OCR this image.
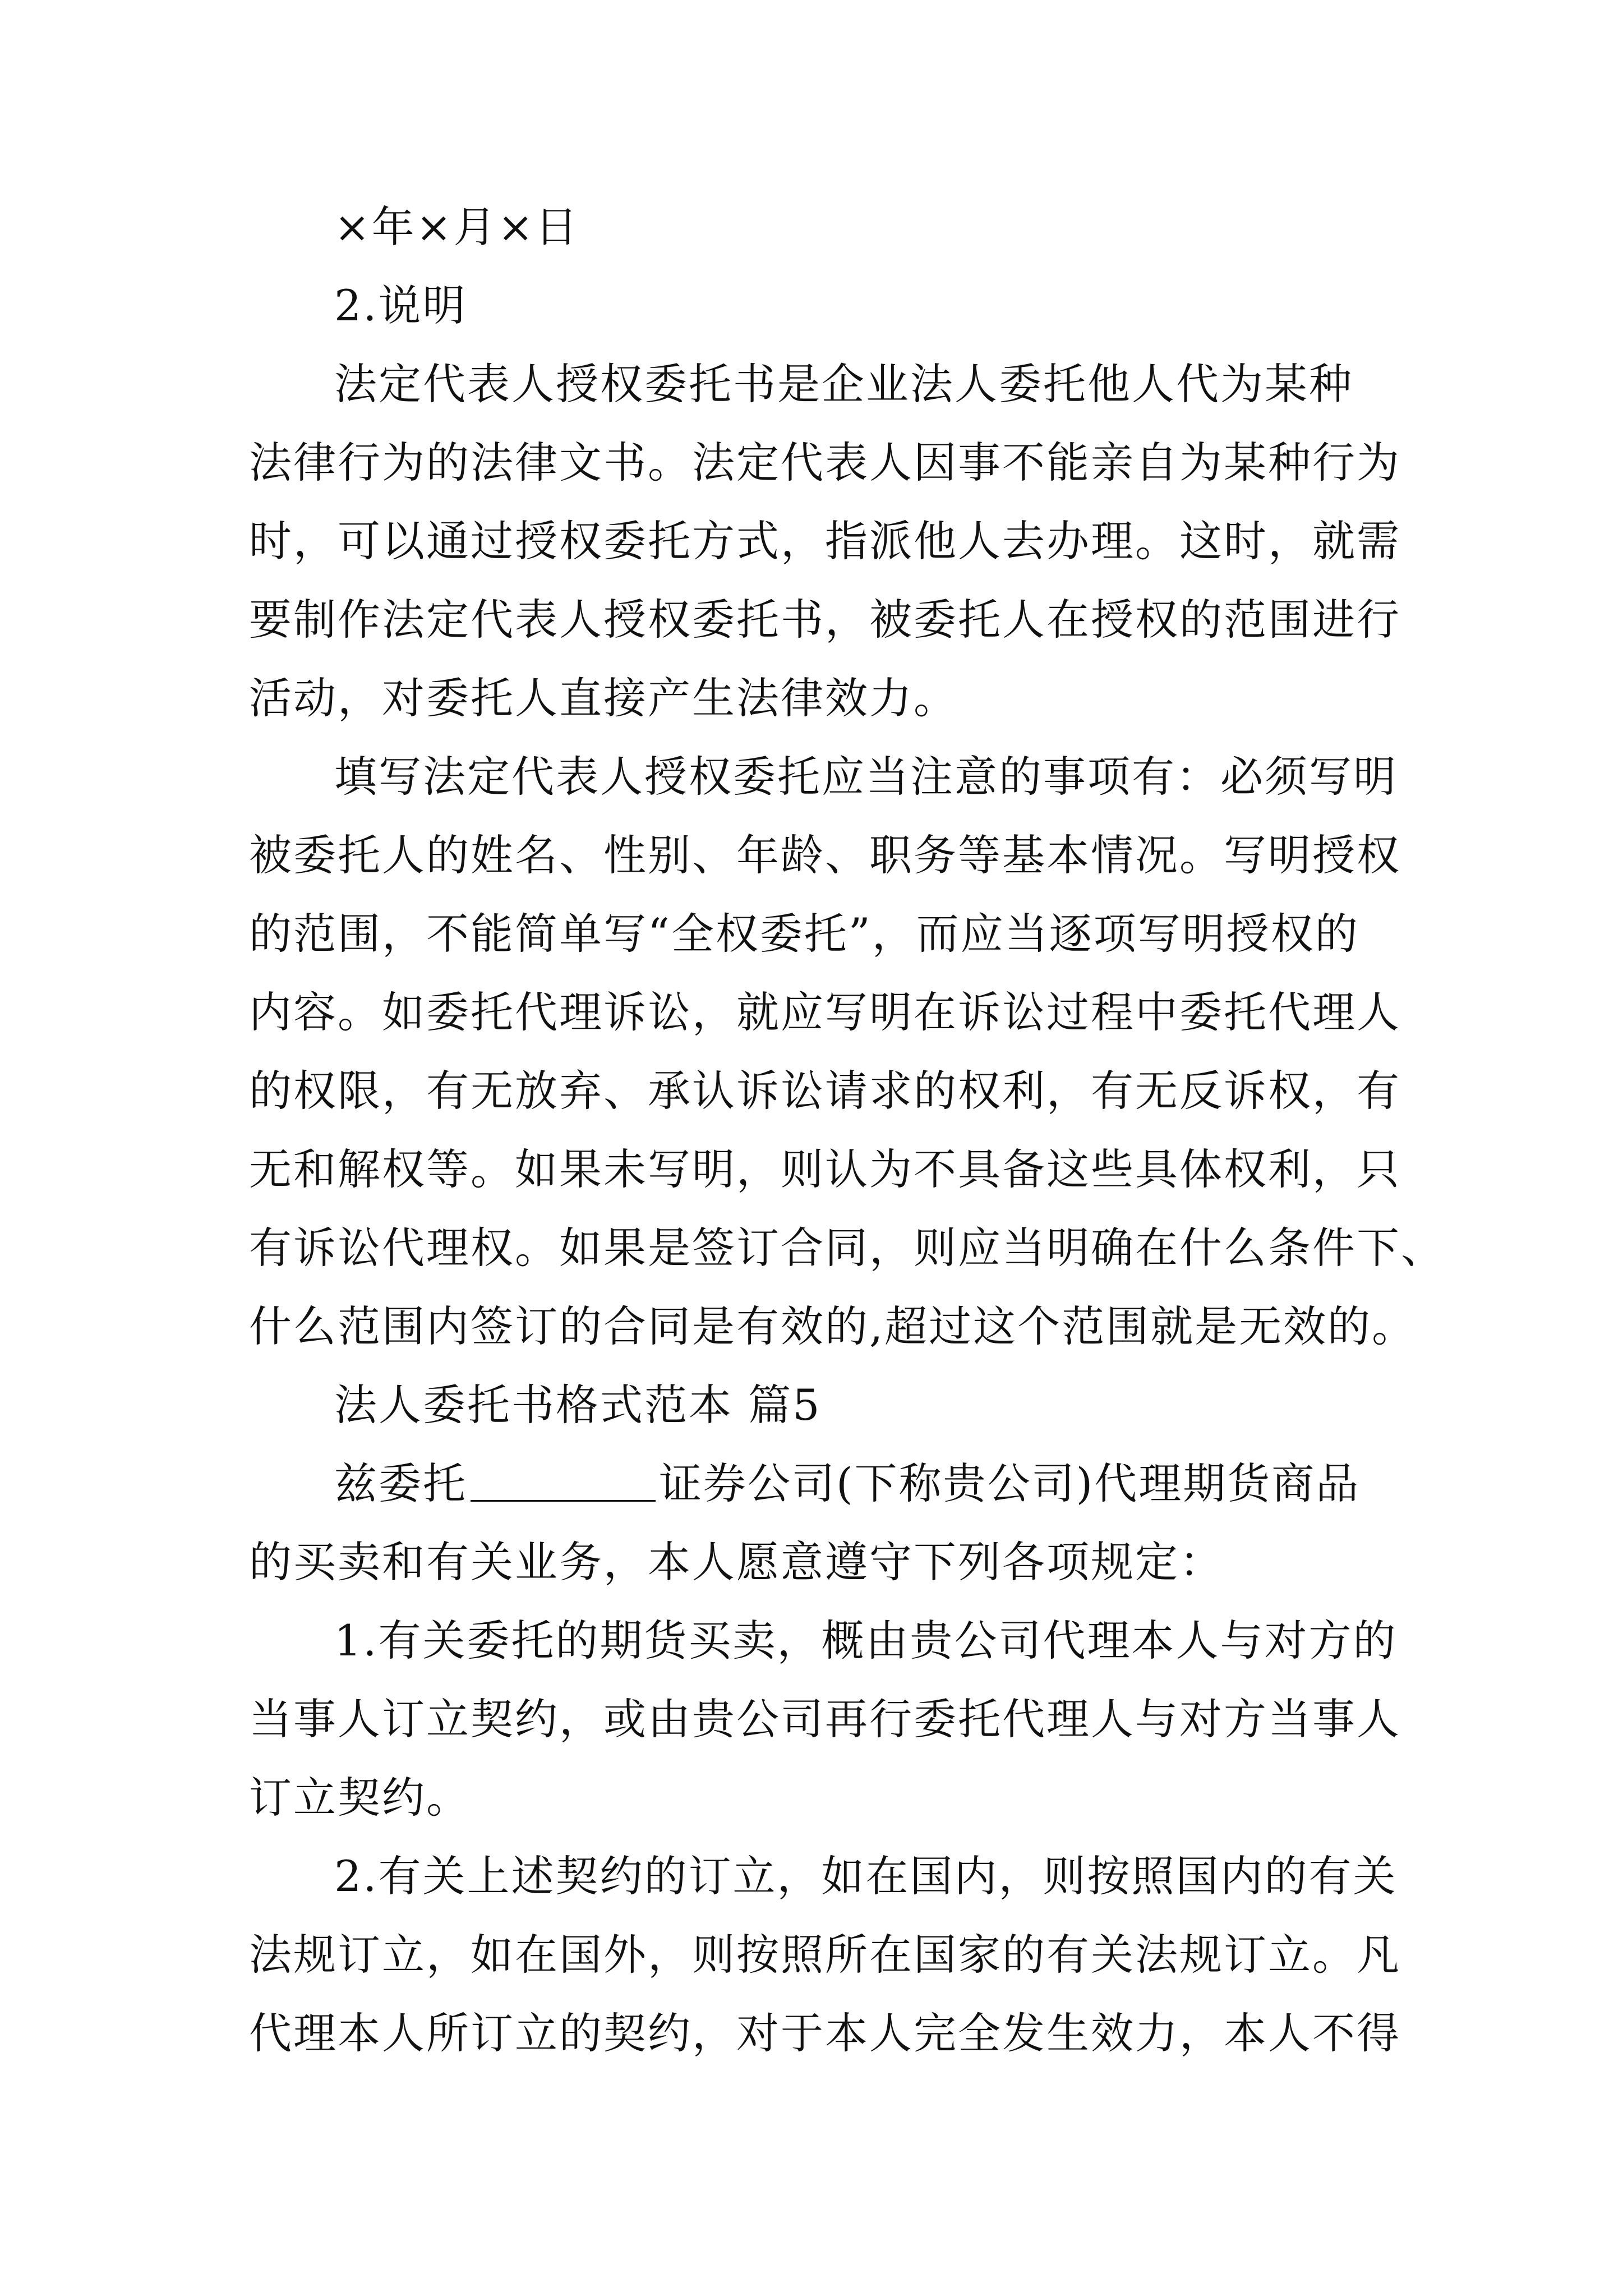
×年×月×日
2.说明
法定代表人授权委托书是企业法人委托他人代为某种
法律行为的法律文书。法定代表人因事不能亲自为某种行为
时，可以通过授权委托方式，指派他人去办理。这时，就需
要制作法定代表人授权委托书，被委托人在授权的范围进行
活动，对委托人直接产生法律效力。
填写法定代表人授权委托应当注意的事项有：必须写明
被委托人的姓名、性别、年龄、职务等基本情况。写明授权
的范围，不能简单写“全权委托”，而应当逐项写明授权的
内容。如委托代理诉讼，就应写明在诉讼过程中委托代理人
的权限，有无放弃、承认诉讼请求的权利，有无反诉权，有
无和解权等。如果未写明，则认为不具备这些具体权利，只
有诉讼代理权。如果是签订合同，则应当明确在什么条件下、
什么范围内签订的合同是有效的,超过这个范围就是无效的。
法人委托书格式范本 篇5
兹委托	证券公司(下称贵公司)代理期货商品
的买卖和有关业务，本人愿意遵守下列各项规定：
1.有关委托的期货买卖，概由贵公司代理本人与对方的
当事人订立契约，或由贵公司再行委托代理人与对方当事人
订立契约。
2.有关上述契约的订立，如在国内，则按照国内的有关
法规订立，如在国外，则按照所在国家的有关法规订立。凡
代理本人所订立的契约，对于本人完全发生效力，本人不得
